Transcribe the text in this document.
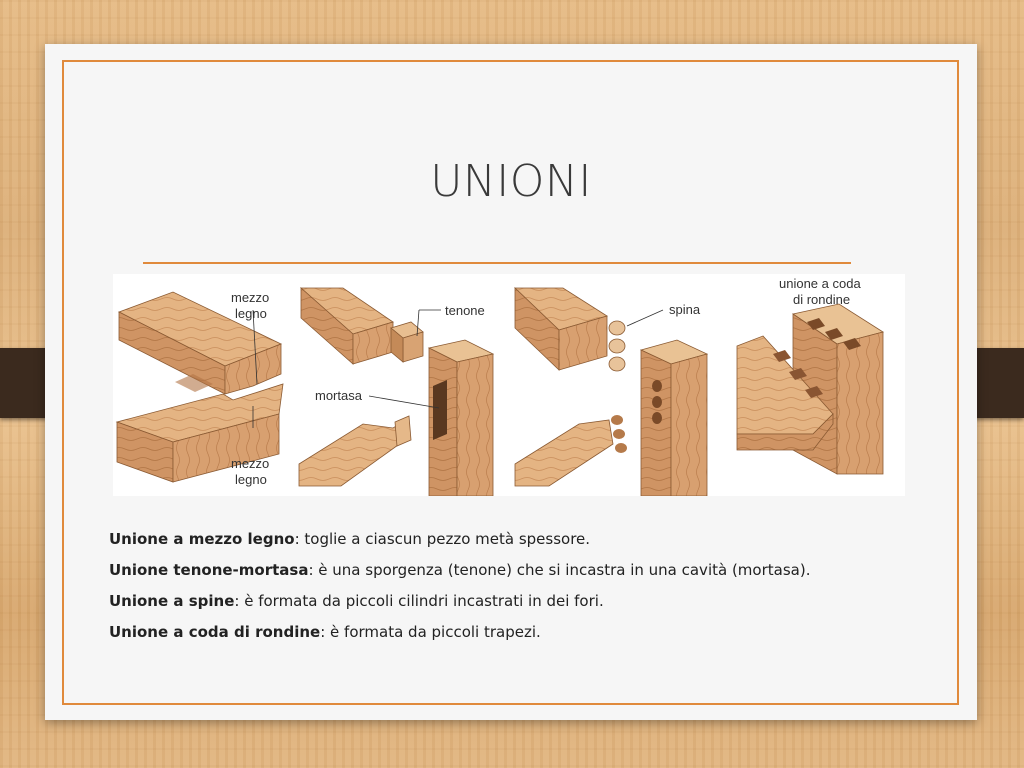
UNIONI
mezzo
legno
mezzo
legno
tenone
mortasa
spina
unione a coda
di rondine

Unione a mezzo legno: toglie a ciascun pezzo metà spessore.

Unione tenone-mortasa: è una sporgenza (tenone) che si incastra in una cavità (mortasa).

Unione a spine: è formata da piccoli cilindri incastrati in dei fori.

Unione a coda di rondine: è formata da piccoli trapezi.
